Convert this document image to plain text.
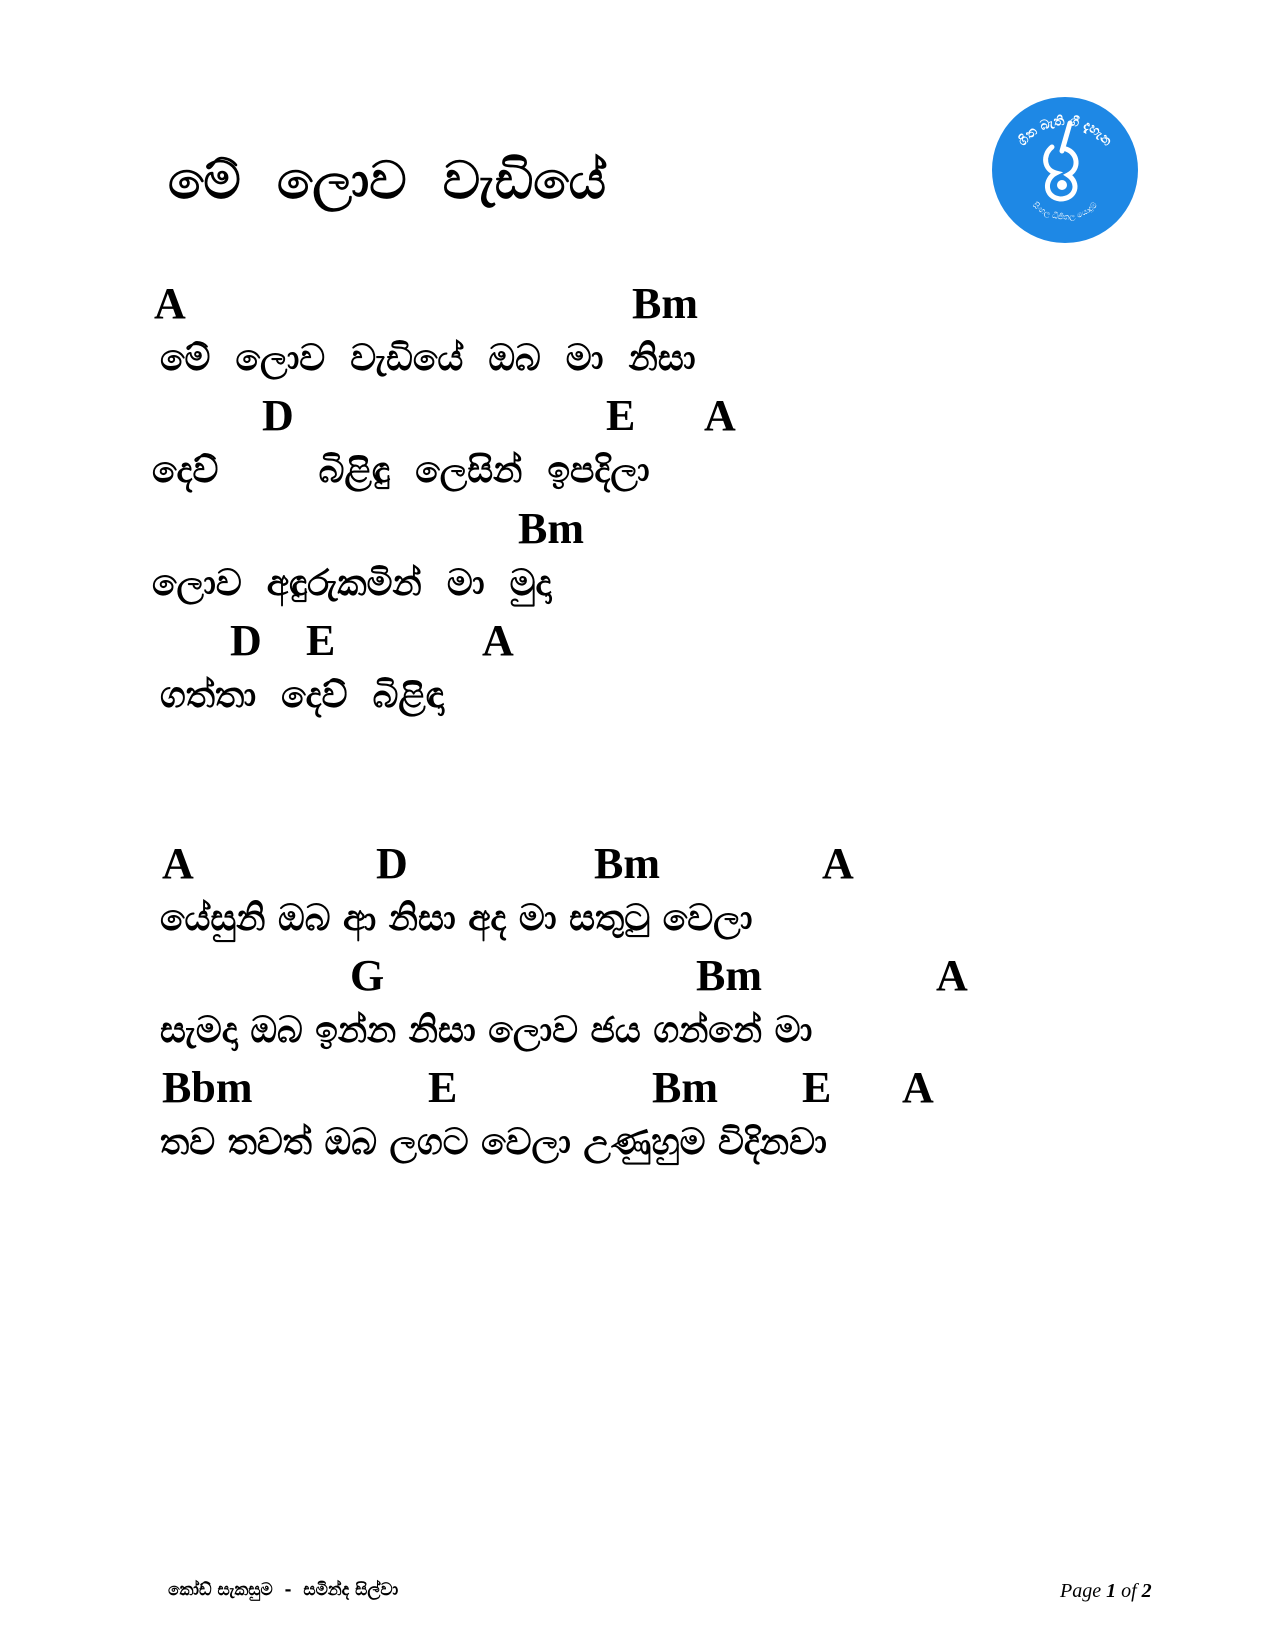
මේ  ලොව  වැඩියේ
ගිත බැති ගී දැහැන
සිංහල ධිජිතල යොදුම්
A	Bm
මේ  ලොව  වැඩියේ  ඔබ  මා  නිසා
D	E A
දෙව්        බිළිඳු  ලෙසින්  ඉපදිලා
Bm
ලොව  අඳුරුකමින්  මා  මුදා
D E	A
ගත්තා  දෙව්  බිළිඳා
A	D	Bm	A
යේසුනි ඔබ ආ නිසා අද මා සතුටු වෙලා
G	Bm	A
සැමදා ඔබ ඉන්න නිසා ලොව ජය ගන්නේ මා
Bbm	E	Bm E A
තව තවත් ඔබ ලගට වෙලා උණුහුම විදිනවා
කෝඩ් සැකසුම  -  සමින්ද සිල්වා	Page 1 of 2
